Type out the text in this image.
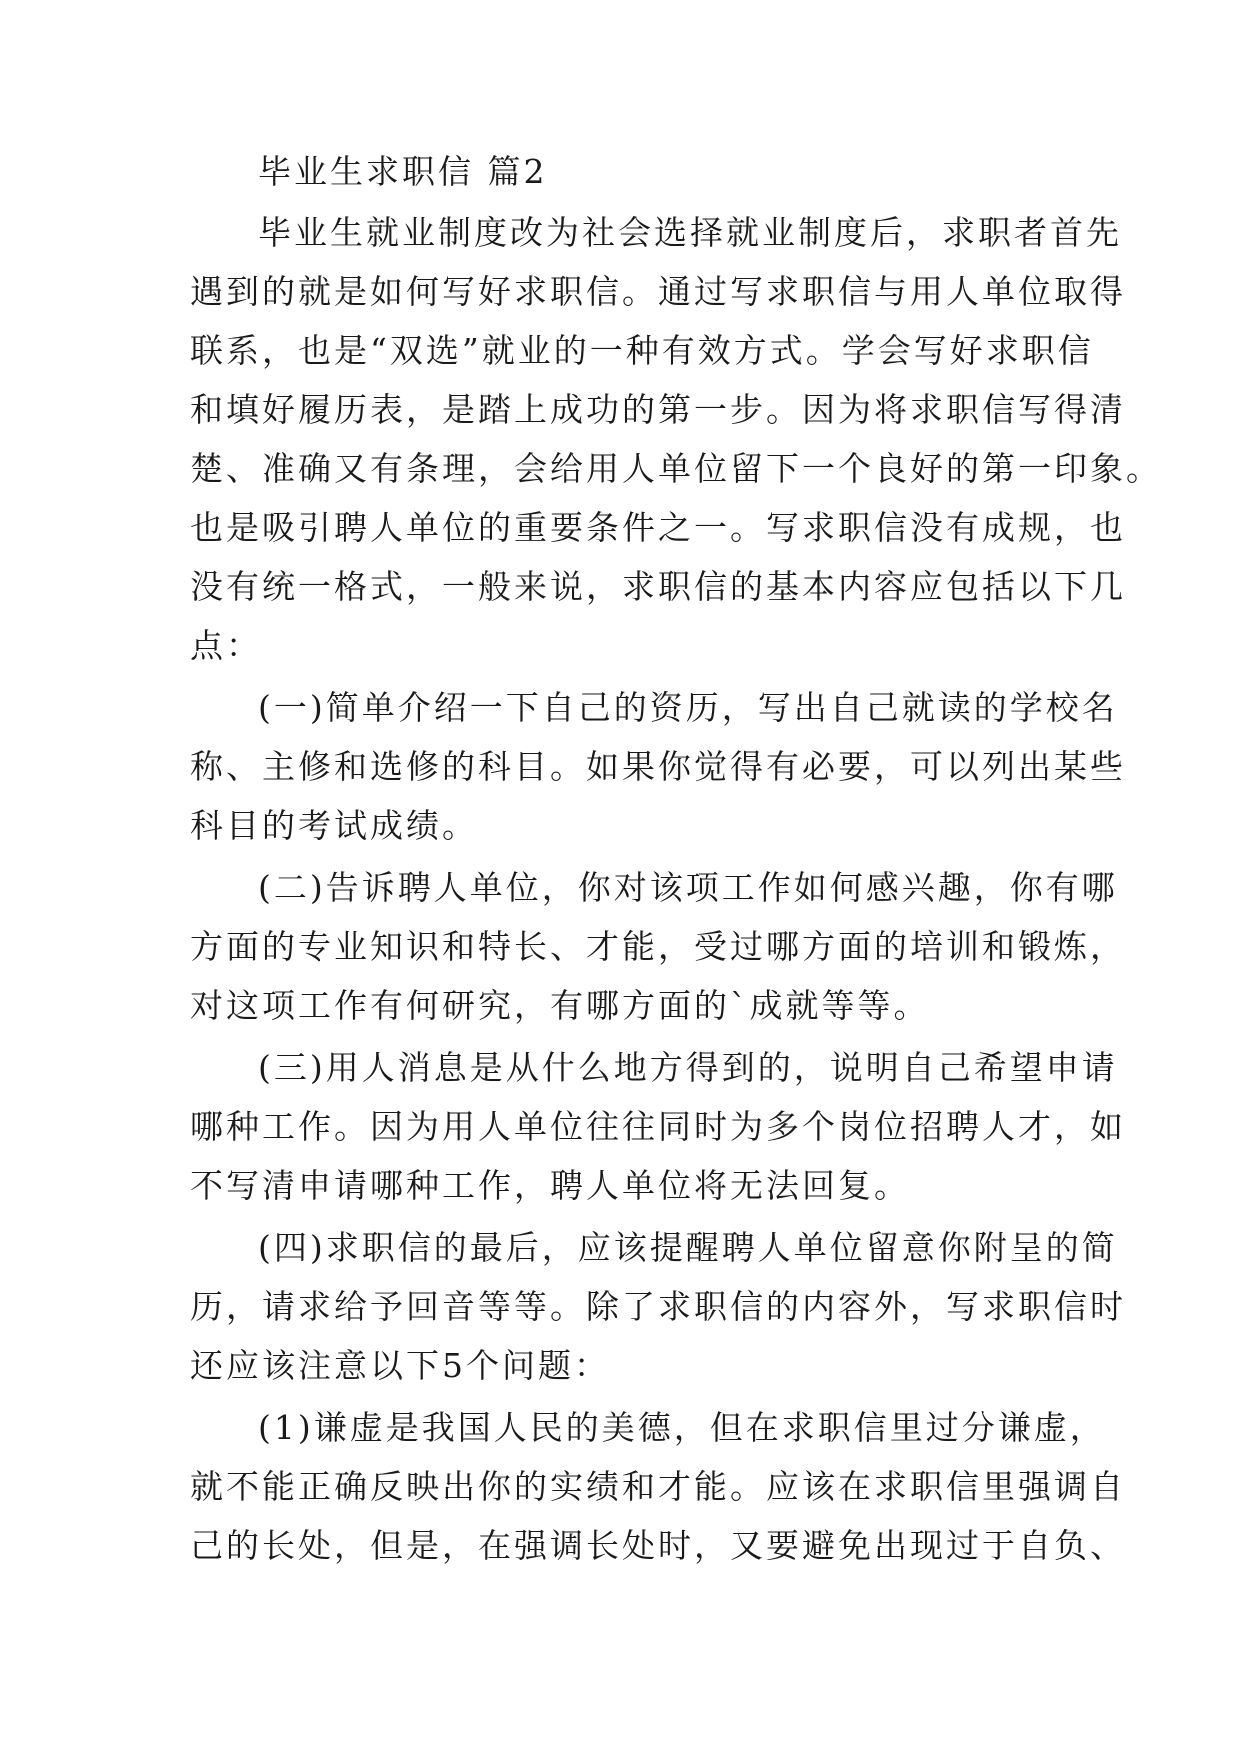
毕业生求职信 篇2
毕业生就业制度改为社会选择就业制度后，求职者首先
遇到的就是如何写好求职信。通过写求职信与用人单位取得
联系，也是“双选”就业的一种有效方式。学会写好求职信
和填好履历表，是踏上成功的第一步。因为将求职信写得清
楚、准确又有条理，会给用人单位留下一个良好的第一印象。
也是吸引聘人单位的重要条件之一。写求职信没有成规，也
没有统一格式，一般来说，求职信的基本内容应包括以下几
点：
(一)简单介绍一下自己的资历，写出自己就读的学校名
称、主修和选修的科目。如果你觉得有必要，可以列出某些
科目的考试成绩。
(二)告诉聘人单位，你对该项工作如何感兴趣，你有哪
方面的专业知识和特长、才能，受过哪方面的培训和锻炼，
对这项工作有何研究，有哪方面的`成就等等。
(三)用人消息是从什么地方得到的，说明自己希望申请
哪种工作。因为用人单位往往同时为多个岗位招聘人才，如
不写清申请哪种工作，聘人单位将无法回复。
(四)求职信的最后，应该提醒聘人单位留意你附呈的简
历，请求给予回音等等。除了求职信的内容外，写求职信时
还应该注意以下5个问题：
(1)谦虚是我国人民的美德，但在求职信里过分谦虚，
就不能正确反映出你的实绩和才能。应该在求职信里强调自
己的长处，但是，在强调长处时，又要避免出现过于自负、
